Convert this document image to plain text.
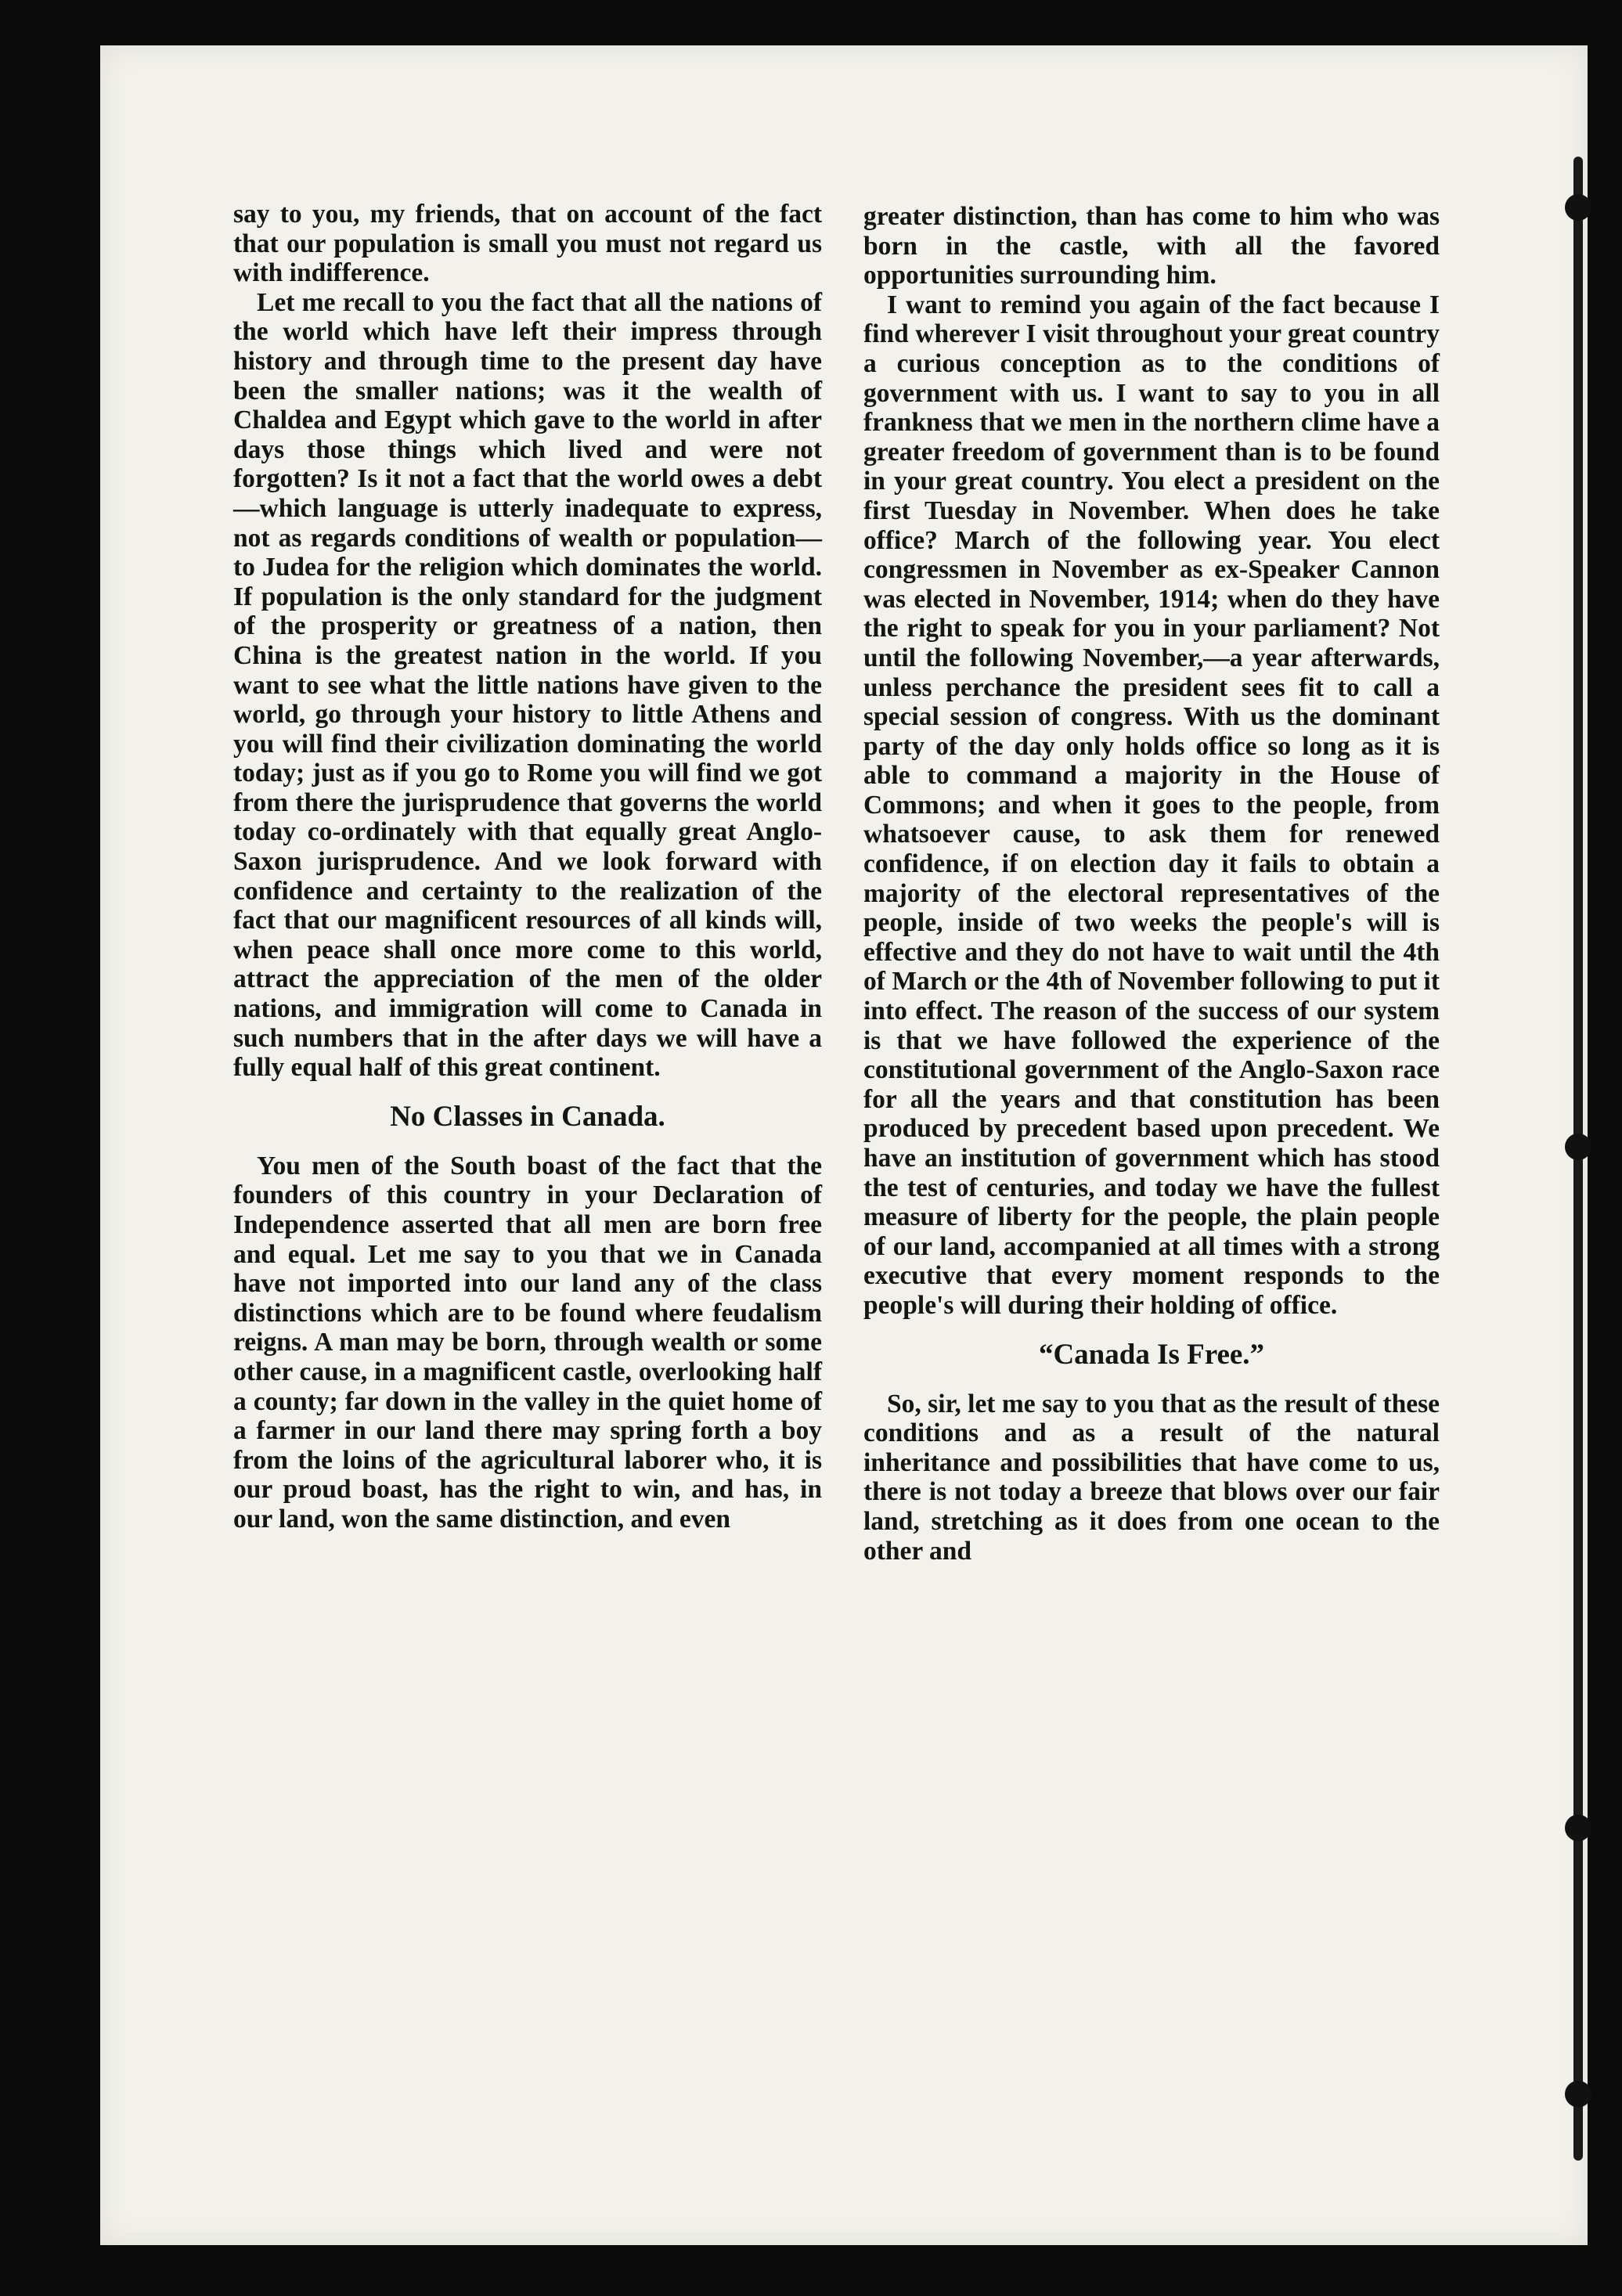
say to you, my friends, that on account of the fact that our population is small you must not regard us with indifference.

Let me recall to you the fact that all the nations of the world which have left their impress through history and through time to the present day have been the smaller nations; was it the wealth of Chaldea and Egypt which gave to the world in after days those things which lived and were not forgotten? Is it not a fact that the world owes a debt—which language is utterly inadequate to express, not as regards conditions of wealth or population—to Judea for the religion which dominates the world. If population is the only standard for the judgment of the prosperity or greatness of a nation, then China is the greatest nation in the world. If you want to see what the little nations have given to the world, go through your history to little Athens and you will find their civilization dominating the world today; just as if you go to Rome you will find we got from there the jurisprudence that governs the world today co-ordinately with that equally great Anglo-Saxon jurisprudence. And we look forward with confidence and certainty to the realization of the fact that our magnificent resources of all kinds will, when peace shall once more come to this world, attract the appreciation of the men of the older nations, and immigration will come to Canada in such numbers that in the after days we will have a fully equal half of this great continent.

No Classes in Canada.

You men of the South boast of the fact that the founders of this country in your Declaration of Independence asserted that all men are born free and equal. Let me say to you that we in Canada have not imported into our land any of the class distinctions which are to be found where feudalism reigns. A man may be born, through wealth or some other cause, in a magnificent castle, overlooking half a county; far down in the valley in the quiet home of a farmer in our land there may spring forth a boy from the loins of the agricultural laborer who, it is our proud boast, has the right to win, and has, in our land, won the same distinction, and even

greater distinction, than has come to him who was born in the castle, with all the favored opportunities surrounding him.

I want to remind you again of the fact because I find wherever I visit throughout your great country a curious conception as to the conditions of government with us. I want to say to you in all frankness that we men in the northern clime have a greater freedom of government than is to be found in your great country. You elect a president on the first Tuesday in November. When does he take office? March of the following year. You elect congressmen in November as ex-Speaker Cannon was elected in November, 1914; when do they have the right to speak for you in your parliament? Not until the following November,—a year afterwards, unless perchance the president sees fit to call a special session of congress. With us the dominant party of the day only holds office so long as it is able to command a majority in the House of Commons; and when it goes to the people, from whatsoever cause, to ask them for renewed confidence, if on election day it fails to obtain a majority of the electoral representatives of the people, inside of two weeks the people's will is effective and they do not have to wait until the 4th of March or the 4th of November following to put it into effect. The reason of the success of our system is that we have followed the experience of the constitutional government of the Anglo-Saxon race for all the years and that constitution has been produced by precedent based upon precedent. We have an institution of government which has stood the test of centuries, and today we have the fullest measure of liberty for the people, the plain people of our land, accompanied at all times with a strong executive that every moment responds to the people's will during their holding of office.

“Canada Is Free.”

So, sir, let me say to you that as the result of these conditions and as a result of the natural inheritance and possibilities that have come to us, there is not today a breeze that blows over our fair land, stretching as it does from one ocean to the other and
